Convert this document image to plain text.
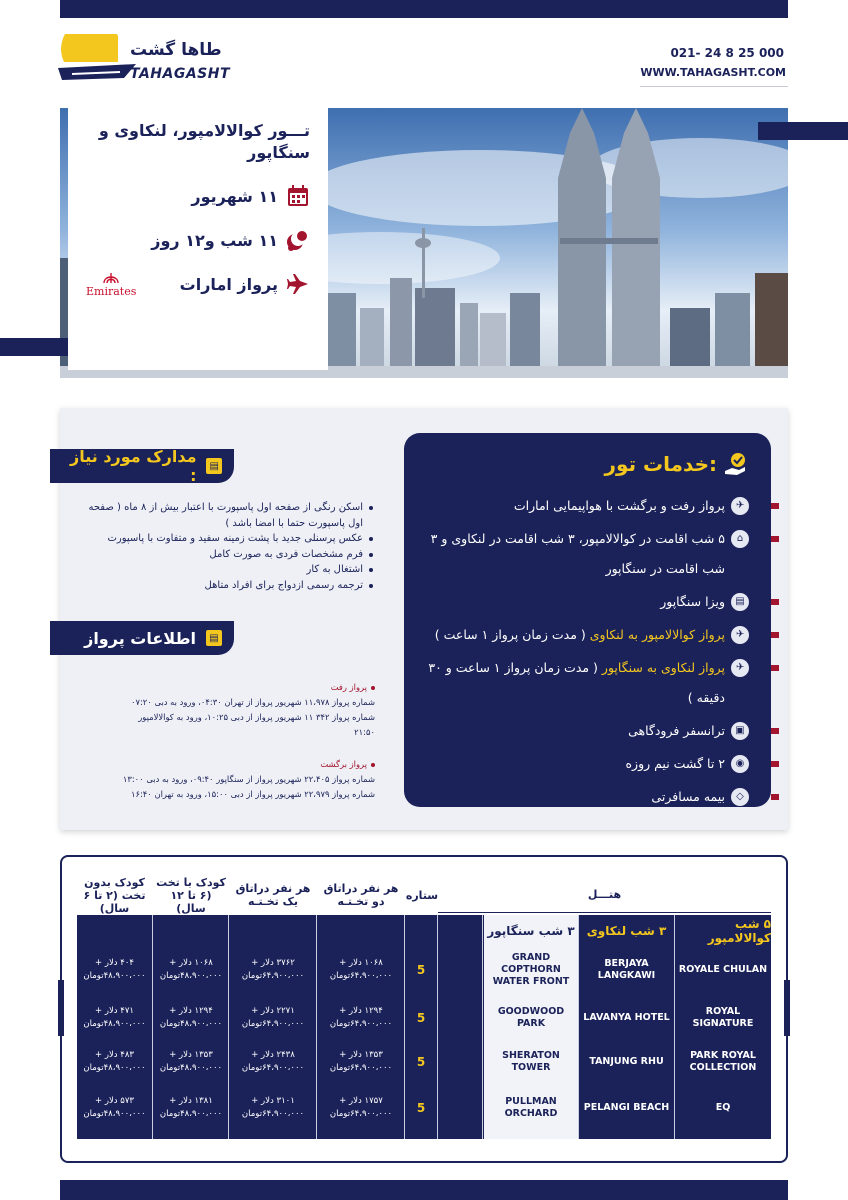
طاها گشت
TAHAGASHT
021- 24 8 25 000
WWW.TAHAGASHT.COM
تـــور کوالالامپور، لنکاوی و سنگاپور
۱۱ شهریور
۱۱ شب و۱۲ روز
پرواز امارات
Emirates
:خدمات تور
✈
پرواز رفت و برگشت با هواپیمایی امارات
⌂
۵ شب اقامت در کوالالامپور، ۳ شب اقامت در لنکاوی و ۳ شب اقامت در سنگاپور
▤
ویزا سنگاپور
✈
پرواز کوالالامپور به لنکاوی ( مدت زمان پرواز ۱ ساعت )
✈
پرواز لنکاوی به سنگاپور ( مدت زمان پرواز ۱ ساعت و ۳۰ دقیقه )
▣
ترانسفر فرودگاهی
◉
۲ تا گشت نیم روزه
◇
بیمه مسافرتی
▤
مدارک مورد نیاز :
اسکن رنگی از صفحه اول پاسپورت با اعتبار بیش از ۸ ماه ( صفحه اول پاسپورت حتما با امضا باشد )
عکس پرسنلی جدید با پشت زمینه سفید و متفاوت با پاسپورت
فرم مشخصات فردی به صورت کامل
اشتغال به کار
ترجمه رسمی ازدواج برای افراد متاهل
▤
اطلاعات پرواز
پرواز رفت
شماره پرواز ۱۱،۹۷۸ شهریور پرواز از تهران ۰۴:۳۰، ورود به دبی ۰۷:۲۰
شماره پرواز ۳۴۲ ۱۱ شهریور پرواز از دبی ۱۰:۲۵، ورود به کوالالامپور ۲۱:۵۰
پرواز برگشت
شماره پرواز ۲۲،۴۰۵ شهریور پرواز از سنگاپور ۰۹:۴۰، ورود به دبی ۱۳:۰۰
شماره پرواز ۲۲،۹۷۹ شهریور پرواز از دبی ۱۵:۰۰، ورود به تهران ۱۶:۴۰
هتـــل
ستاره
هر نفر دراتاق دو تخـتـه
هر نفر دراتاق یک تخـتـه
کودک با تخت (۶ تا ۱۲ سال)
کودک بدون تخت (۲ تا ۶ سال)
۵ شب کوالالامپور
۳ شب لنکاوی
۳ شب سنگاپور
ROYALE CHULAN
BERJAYA LANGKAWI
GRAND COPTHORN WATER FRONT
5
۱۰۶۸ دلار +
۶۴،۹۰۰،۰۰۰تومان
۳۷۶۲ دلار +
۶۴،۹۰۰،۰۰۰تومان
۱۰۶۸ دلار +
۴۸،۹۰۰،۰۰۰تومان
۴۰۴ دلار +
۴۸،۹۰۰،۰۰۰تومان
ROYAL SIGNATURE
LAVANYA HOTEL
GOODWOOD PARK
5
۱۲۹۴ دلار +
۶۴،۹۰۰،۰۰۰تومان
۲۲۷۱ دلار +
۶۴،۹۰۰،۰۰۰تومان
۱۲۹۴ دلار +
۴۸،۹۰۰،۰۰۰تومان
۴۷۱ دلار +
۴۸،۹۰۰،۰۰۰تومان
PARK ROYAL COLLECTION
TANJUNG RHU
SHERATON TOWER
5
۱۳۵۳ دلار +
۶۴،۹۰۰،۰۰۰تومان
۲۴۳۸ دلار +
۶۴،۹۰۰،۰۰۰تومان
۱۳۵۳ دلار +
۴۸،۹۰۰،۰۰۰تومان
۴۸۳ دلار +
۴۸،۹۰۰،۰۰۰تومان
EQ
PELANGI BEACH
PULLMAN ORCHARD
5
۱۷۵۷ دلار +
۶۴،۹۰۰،۰۰۰تومان
۳۱۰۱ دلار +
۶۴،۹۰۰،۰۰۰تومان
۱۳۸۱ دلار +
۴۸،۹۰۰،۰۰۰تومان
۵۷۳ دلار +
۴۸،۹۰۰،۰۰۰تومان
